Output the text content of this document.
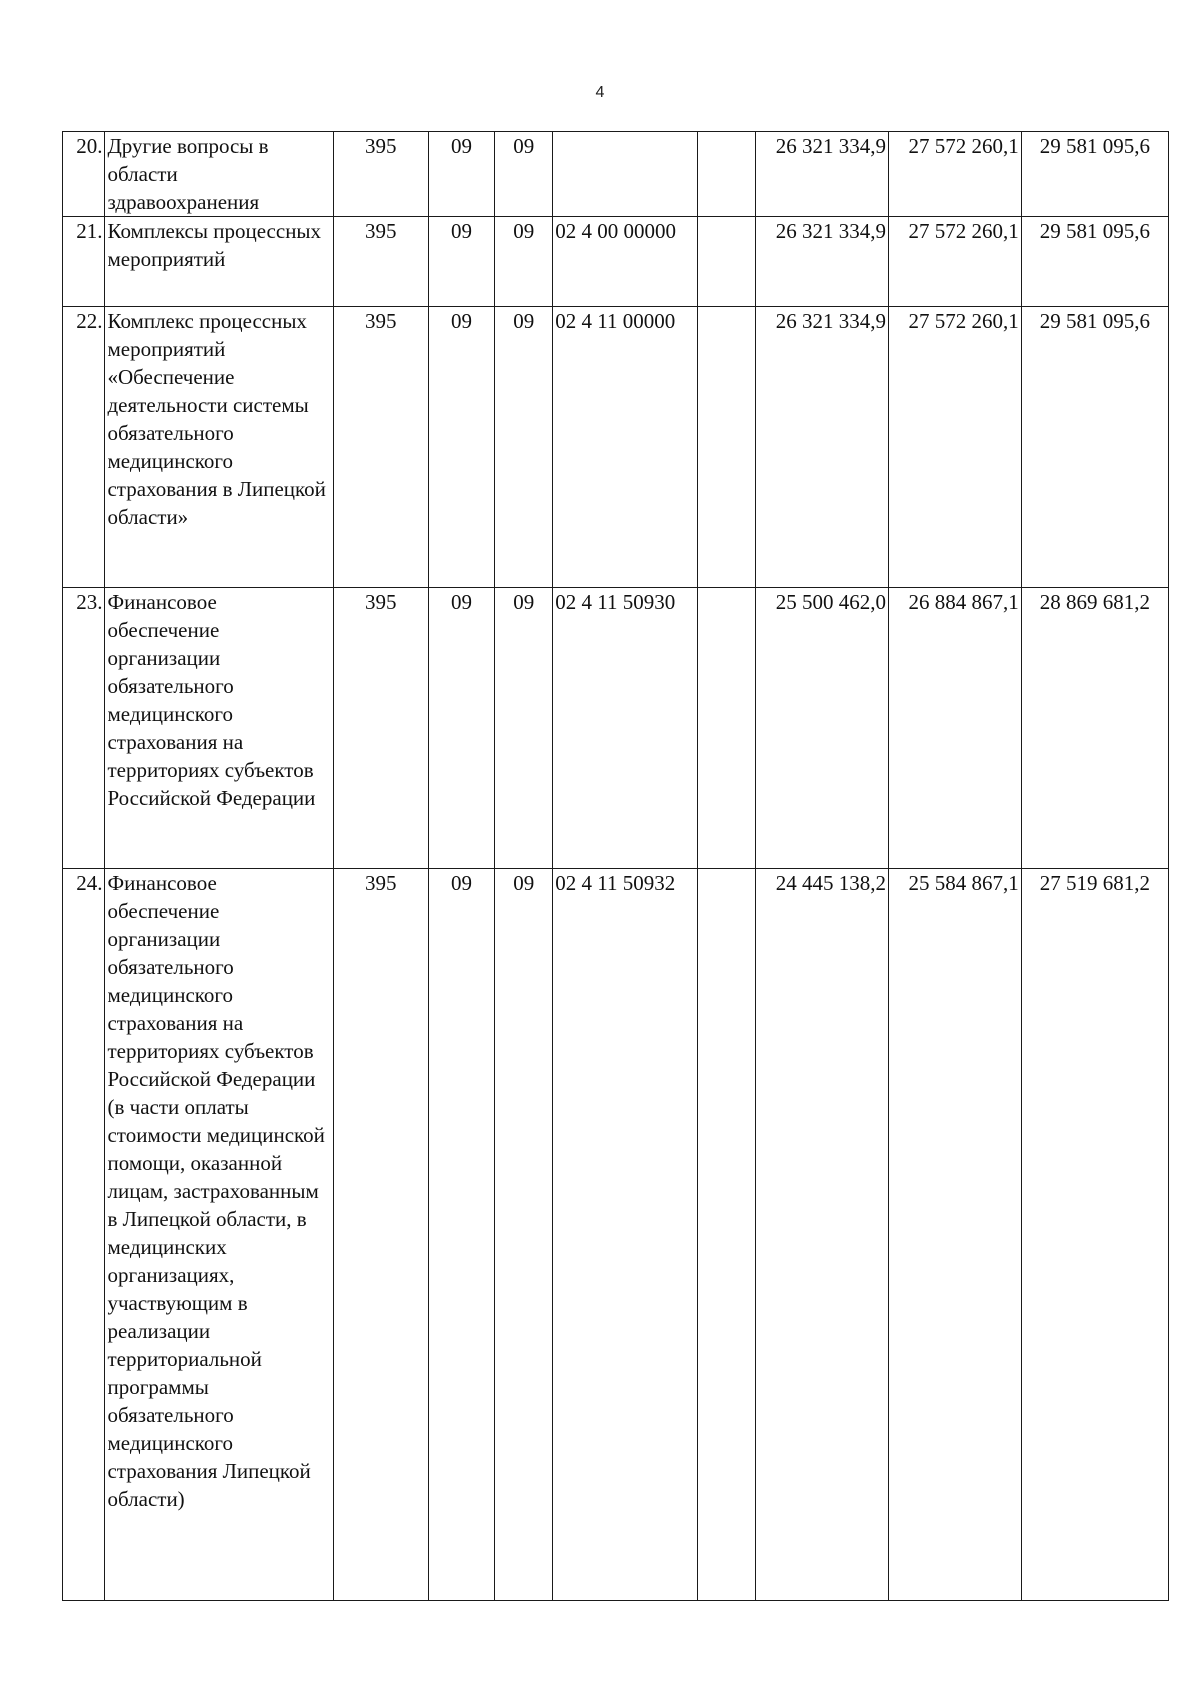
4
20.	Другие вопросы в области здравоохранения	395	09	09			26 321 334,9	27 572 260,1	29 581 095,6
21.	Комплексы процессных мероприятий	395	09	09	02 4 00 00000		26 321 334,9	27 572 260,1	29 581 095,6
22.	Комплекс процессных мероприятий «Обеспечение деятельности системы обязательного медицинского страхования в Липецкой области»	395	09	09	02 4 11 00000		26 321 334,9	27 572 260,1	29 581 095,6
23.	Финансовое обеспечение организации обязательного медицинского страхования на территориях субъектов Российской Федерации	395	09	09	02 4 11 50930		25 500 462,0	26 884 867,1	28 869 681,2
24.	Финансовое обеспечение организации обязательного медицинского страхования на территориях субъектов Российской Федерации (в части оплаты стоимости медицинской помощи, оказанной лицам, застрахованным в Липецкой области, в медицинских организациях, участвующим в реализации территориальной программы обязательного медицинского страхования Липецкой области)	395	09	09	02 4 11 50932		24 445 138,2	25 584 867,1	27 519 681,2
